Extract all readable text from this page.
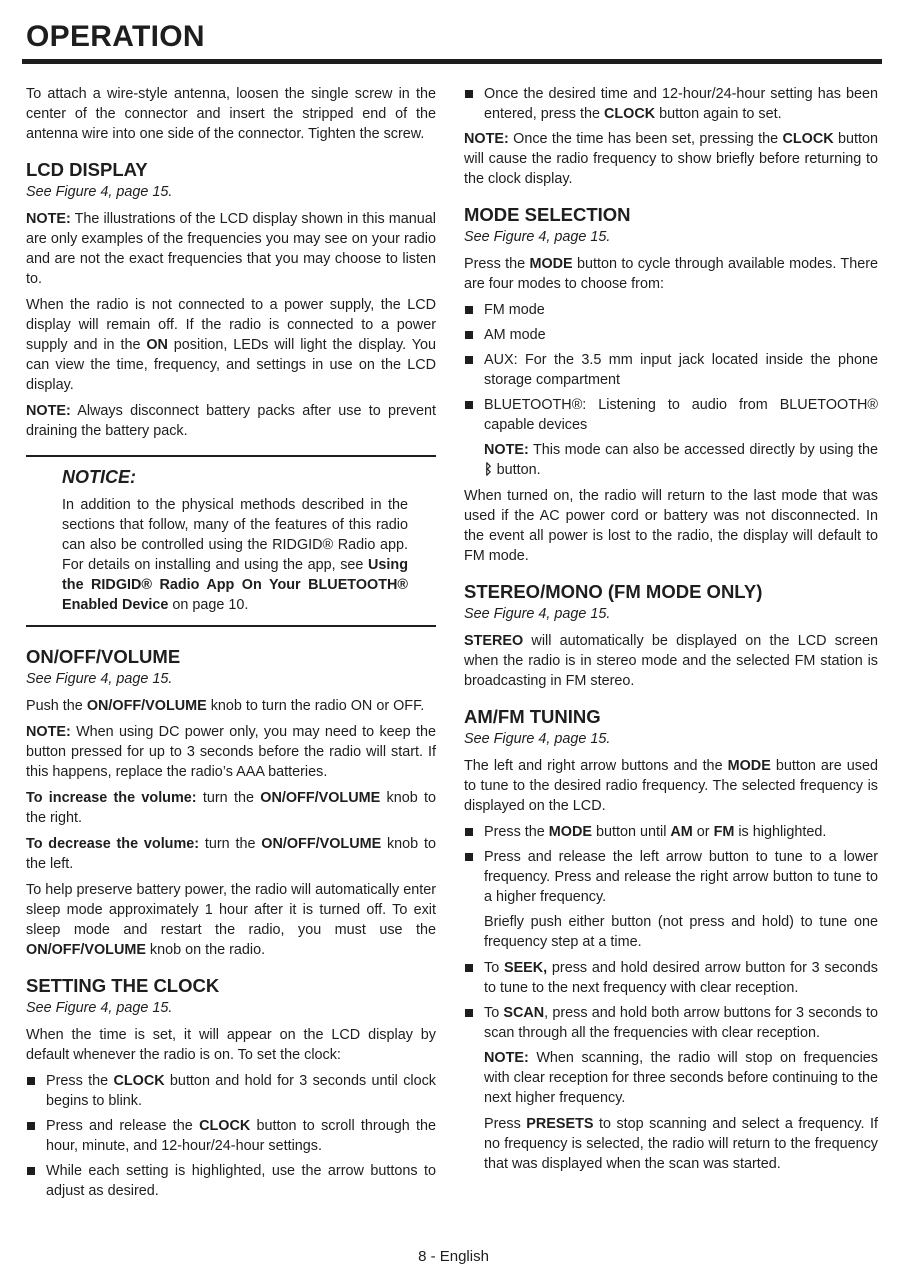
OPERATION

To attach a wire-style antenna, loosen the single screw in the center of the connector and insert the stripped end of the antenna wire into one side of the connector. Tighten the screw.

LCD DISPLAY

See Figure 4, page 15.

NOTE: The illustrations of the LCD display shown in this manual are only examples of the frequencies you may see on your radio and are not the exact frequencies that you may choose to listen to.

When the radio is not connected to a power supply, the LCD display will remain off. If the radio is connected to a power supply and in the ON position, LEDs will light the display. You can view the time, frequency, and settings in use on the LCD display.

NOTE: Always disconnect battery packs after use to prevent draining the battery pack.

NOTICE:

In addition to the physical methods described in the sections that follow, many of the features of this radio can also be controlled using the RIDGID® Radio app. For details on installing and using the app, see Using the RIDGID® Radio App On Your BLUETOOTH® Enabled Device on page 10.

ON/OFF/VOLUME

See Figure 4, page 15.

Push the ON/OFF/VOLUME knob to turn the radio ON or OFF.

NOTE: When using DC power only, you may need to keep the button pressed for up to 3 seconds before the radio will start. If this happens, replace the radio’s AAA batteries.

To increase the volume: turn the ON/OFF/VOLUME knob to the right.

To decrease the volume: turn the ON/OFF/VOLUME knob to the left.

To help preserve battery power, the radio will automatically enter sleep mode approximately 1 hour after it is turned off. To exit sleep mode and restart the radio, you must use the ON/OFF/VOLUME knob on the radio.

SETTING THE CLOCK

See Figure 4, page 15.

When the time is set, it will appear on the LCD display by default whenever the radio is on. To set the clock:

Press the CLOCK button and hold for 3 seconds until clock begins to blink.
Press and release the CLOCK button to scroll through the hour, minute, and 12-hour/24-hour settings.
While each setting is highlighted, use the arrow buttons to adjust as desired.
Once the desired time and 12-hour/24-hour setting has been entered, press the CLOCK button again to set.

NOTE: Once the time has been set, pressing the CLOCK button will cause the radio frequency to show briefly before returning to the clock display.

MODE SELECTION

See Figure 4, page 15.

Press the MODE button to cycle through available modes. There are four modes to choose from:

FM mode
AM mode
AUX: For the 3.5 mm input jack located inside the phone storage compartment
BLUETOOTH®: Listening to audio from BLUETOOTH® capable devices

NOTE: This mode can also be accessed directly by using the ᛒ button.

When turned on, the radio will return to the last mode that was used if the AC power cord or battery was not disconnected. In the event all power is lost to the radio, the display will default to FM mode.

STEREO/MONO (FM MODE ONLY)

See Figure 4, page 15.

STEREO will automatically be displayed on the LCD screen when the radio is in stereo mode and the selected FM station is broadcasting in FM stereo.

AM/FM TUNING

See Figure 4, page 15.

The left and right arrow buttons and the MODE button are used to tune to the desired radio frequency. The selected frequency is displayed on the LCD.

Press the MODE button until AM or FM is highlighted.
Press and release the left arrow button to tune to a lower frequency. Press and release the right arrow button to tune to a higher frequency.

Briefly push either button (not press and hold) to tune one frequency step at a time.

To SEEK, press and hold desired arrow button for 3 seconds to tune to the next frequency with clear reception.
To SCAN, press and hold both arrow buttons for 3 seconds to scan through all the frequencies with clear reception.

NOTE: When scanning, the radio will stop on frequencies with clear reception for three seconds before continuing to the next higher frequency.

Press PRESETS to stop scanning and select a frequency. If no frequency is selected, the radio will return to the frequency that was displayed when the scan was started.

8 - English
